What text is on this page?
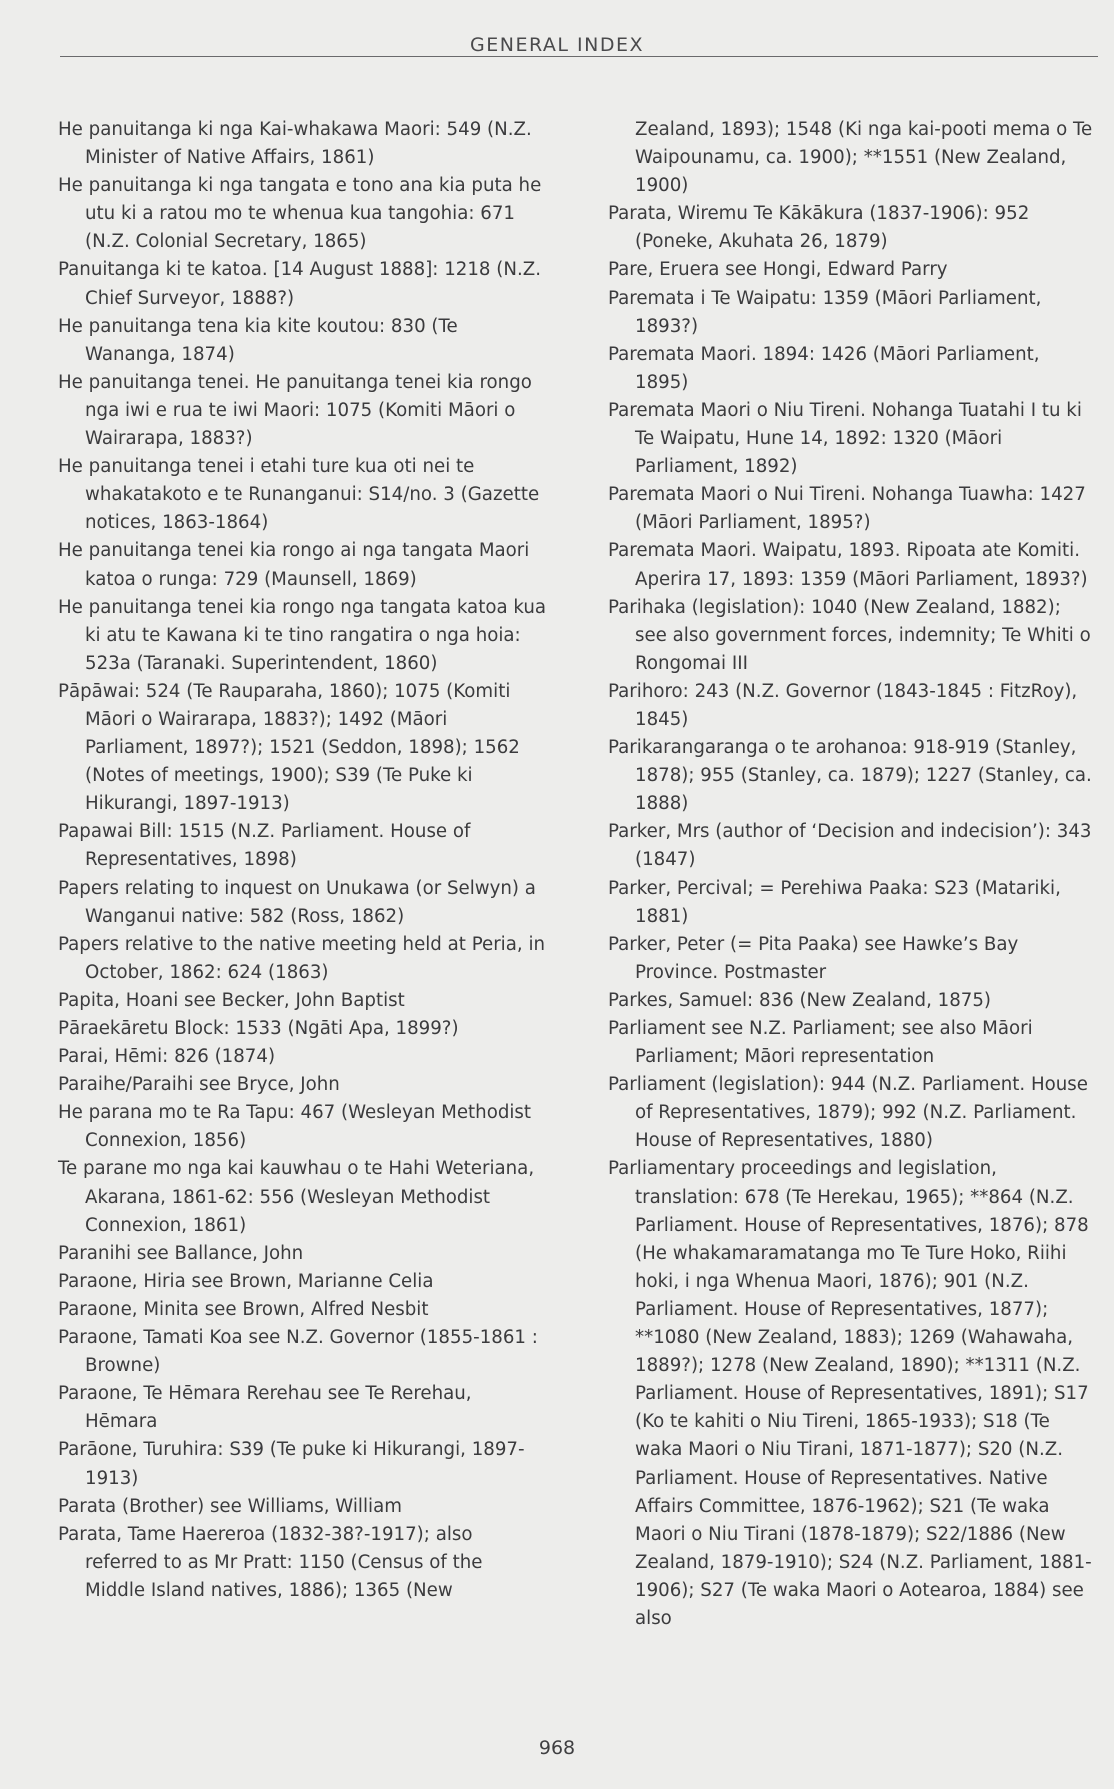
GENERAL INDEX

He panuitanga ki nga Kai-whakawa Maori: 549 (N.Z. Minister of Native Affairs, 1861)

He panuitanga ki nga tangata e tono ana kia puta he utu ki a ratou mo te whenua kua tangohia: 671 (N.Z. Colonial Secretary, 1865)

Panuitanga ki te katoa. [14 August 1888]: 1218 (N.Z. Chief Surveyor, 1888?)

He panuitanga tena kia kite koutou: 830 (Te Wananga, 1874)

He panuitanga tenei. He panuitanga tenei kia rongo nga iwi e rua te iwi Maori: 1075 (Komiti Māori o Wairarapa, 1883?)

He panuitanga tenei i etahi ture kua oti nei te whakatakoto e te Runanganui: S14/no. 3 (Gazette notices, 1863-1864)

He panuitanga tenei kia rongo ai nga tangata Maori katoa o runga: 729 (Maunsell, 1869)

He panuitanga tenei kia rongo nga tangata katoa kua ki atu te Kawana ki te tino rangatira o nga hoia: 523a (Taranaki. Superintendent, 1860)

Pāpāwai: 524 (Te Rauparaha, 1860); 1075 (Komiti Māori o Wairarapa, 1883?); 1492 (Māori Parliament, 1897?); 1521 (Seddon, 1898); 1562 (Notes of meetings, 1900); S39 (Te Puke ki Hikurangi, 1897-1913)

Papawai Bill: 1515 (N.Z. Parliament. House of Representatives, 1898)

Papers relating to inquest on Unukawa (or Selwyn) a Wanganui native: 582 (Ross, 1862)

Papers relative to the native meeting held at Peria, in October, 1862: 624 (1863)

Papita, Hoani see Becker, John Baptist

Pāraekāretu Block: 1533 (Ngāti Apa, 1899?)

Parai, Hēmi: 826 (1874)

Paraihe/Paraihi see Bryce, John

He parana mo te Ra Tapu: 467 (Wesleyan Methodist Connexion, 1856)

Te parane mo nga kai kauwhau o te Hahi Weteriana, Akarana, 1861-62: 556 (Wesleyan Methodist Connexion, 1861)

Paranihi see Ballance, John

Paraone, Hiria see Brown, Marianne Celia

Paraone, Minita see Brown, Alfred Nesbit

Paraone, Tamati Koa see N.Z. Governor (1855-1861 : Browne)

Paraone, Te Hēmara Rerehau see Te Rerehau, Hēmara

Parāone, Turuhira: S39 (Te puke ki Hikurangi, 1897-1913)

Parata (Brother) see Williams, William

Parata, Tame Haereroa (1832-38?-1917); also referred to as Mr Pratt: 1150 (Census of the Middle Island natives, 1886); 1365 (New

Zealand, 1893); 1548 (Ki nga kai-pooti mema o Te Waipounamu, ca. 1900); **1551 (New Zealand, 1900)

Parata, Wiremu Te Kākākura (1837-1906): 952 (Poneke, Akuhata 26, 1879)

Pare, Eruera see Hongi, Edward Parry

Paremata i Te Waipatu: 1359 (Māori Parliament, 1893?)

Paremata Maori. 1894: 1426 (Māori Parliament, 1895)

Paremata Maori o Niu Tireni. Nohanga Tuatahi I tu ki Te Waipatu, Hune 14, 1892: 1320 (Māori Parliament, 1892)

Paremata Maori o Nui Tireni. Nohanga Tuawha: 1427 (Māori Parliament, 1895?)

Paremata Maori. Waipatu, 1893. Ripoata ate Komiti. Aperira 17, 1893: 1359 (Māori Parliament, 1893?)

Parihaka (legislation): 1040 (New Zealand, 1882); see also government forces, indemnity; Te Whiti o Rongomai III

Parihoro: 243 (N.Z. Governor (1843-1845 : FitzRoy), 1845)

Parikarangaranga o te arohanoa: 918-919 (Stanley, 1878); 955 (Stanley, ca. 1879); 1227 (Stanley, ca. 1888)

Parker, Mrs (author of ‘Decision and indecision’): 343 (1847)

Parker, Percival; = Perehiwa Paaka: S23 (Matariki, 1881)

Parker, Peter (= Pita Paaka) see Hawke’s Bay Province. Postmaster

Parkes, Samuel: 836 (New Zealand, 1875)

Parliament see N.Z. Parliament; see also Māori Parliament; Māori representation

Parliament (legislation): 944 (N.Z. Parliament. House of Representatives, 1879); 992 (N.Z. Parliament. House of Representatives, 1880)

Parliamentary proceedings and legislation, translation: 678 (Te Herekau, 1965); **864 (N.Z. Parliament. House of Representatives, 1876); 878 (He whakamaramatanga mo Te Ture Hoko, Riihi hoki, i nga Whenua Maori, 1876); 901 (N.Z. Parliament. House of Representatives, 1877); **1080 (New Zealand, 1883); 1269 (Wahawaha, 1889?); 1278 (New Zealand, 1890); **1311 (N.Z. Parliament. House of Representatives, 1891); S17 (Ko te kahiti o Niu Tireni, 1865-1933); S18 (Te waka Maori o Niu Tirani, 1871-1877); S20 (N.Z. Parliament. House of Representatives. Native Affairs Committee, 1876-1962); S21 (Te waka Maori o Niu Tirani (1878-1879); S22/1886 (New Zealand, 1879-1910); S24 (N.Z. Parliament, 1881-1906); S27 (Te waka Maori o Aotearoa, 1884) see also

968
